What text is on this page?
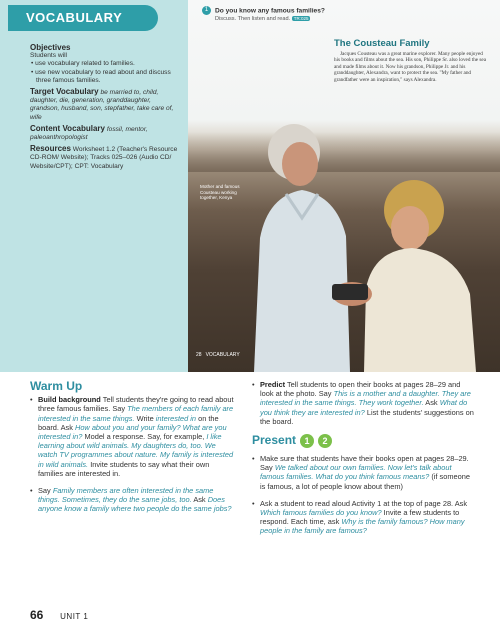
VOCABULARY
Objectives

Students will

• use vocabulary related to families.

• use new vocabulary to read about and discuss three famous families.

Target Vocabulary be married to, child, daughter, die, generation, granddaughter, grandson, husband, son, stepfather, take care of, wife

Content Vocabulary fossil, mentor, paleoanthropologist

Resources Worksheet 1.2 (Teacher's Resource CD-ROM/ Website); Tracks 025–026 (Audio CD/ Website/CPT); CPT: Vocabulary

1 Do you know any famous families?
Discuss. Then listen and read. TR:025

The Cousteau Family

Jacques Cousteau was a great marine explorer. Many people enjoyed his books and films about the sea. His son, Philippe Sr. also loved the sea and made films about it. Now his grandson, Philippe Jr. and his granddaughter, Alexandra, want to protect the sea. "My father and grandfather were an inspiration," says Alexandra.

Mother and famous Cousteau working together, Kenya
28 VOCABULARY
Warm Up

• Build background Tell students they're going to read about three famous families. Say The members of each family are interested in the same things. Write interested in on the board. Ask How about you and your family? What are you interested in? Model a response. Say, for example, I like learning about wild animals. My daughters do, too. We watch TV programmes about nature. My family is interested in wild animals. Invite students to say what their own families are interested in.

• Say Family members are often interested in the same things. Sometimes, they do the same jobs, too. Ask Does anyone know a family where two people do the same jobs?

• Predict Tell students to open their books at pages 28–29 and look at the photo. Say This is a mother and a daughter. They are interested in the same things. They work together. Ask What do you think they are interested in? List the students' suggestions on the board.

Present 1	2

• Make sure that students have their books open at pages 28–29. Say We talked about our own families. Now let's talk about famous families. What do you think famous means? (if someone is famous, a lot of people know about them)

• Ask a student to read aloud Activity 1 at the top of page 28. Ask Which famous families do you know? Invite a few students to respond. Each time, ask Why is the family famous? How many people in the family are famous?

66 UNIT 1
